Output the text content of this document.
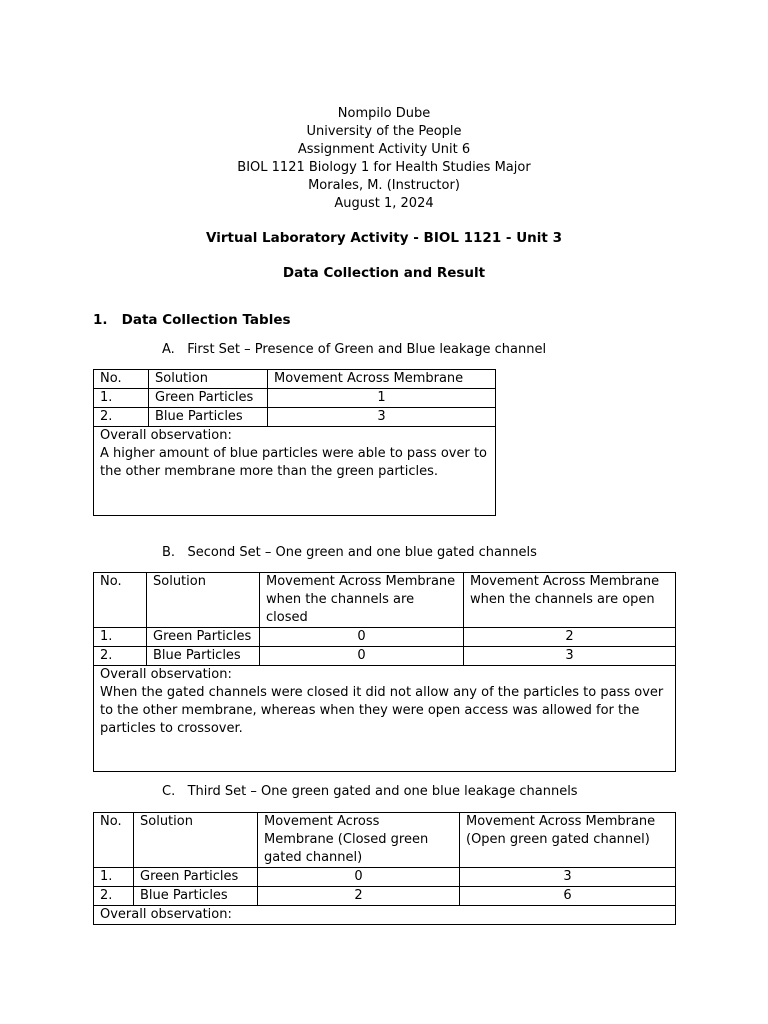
Nompilo Dube
University of the People
Assignment Activity Unit 6
BIOL 1121 Biology 1 for Health Studies Major
Morales, M. (Instructor)
August 1, 2024
Virtual Laboratory Activity - BIOL 1121 - Unit 3
Data Collection and Result
1.   Data Collection Tables
A.   First Set – Presence of Green and Blue leakage channel
No.	Solution	Movement Across Membrane
1.	Green Particles	1
2.	Blue Particles	3

Overall observation:
A higher amount of blue particles were able to pass over to the other membrane more than the green particles.		
B.   Second Set – One green and one blue gated channels
No.	Solution	Movement Across Membrane when the channels are closed	Movement Across Membrane when the channels are open
1.	Green Particles	0	2
2.	Blue Particles	0	3

Overall observation:
When the gated channels were closed it did not allow any of the particles to pass over to the other membrane, whereas when they were open access was allowed for the particles to crossover.			
C.   Third Set – One green gated and one blue leakage channels
No.	Solution	Movement Across Membrane (Closed green gated channel)	Movement Across Membrane (Open green gated channel)
1.	Green Particles	0	3
2.	Blue Particles	2	6

Overall observation:			
